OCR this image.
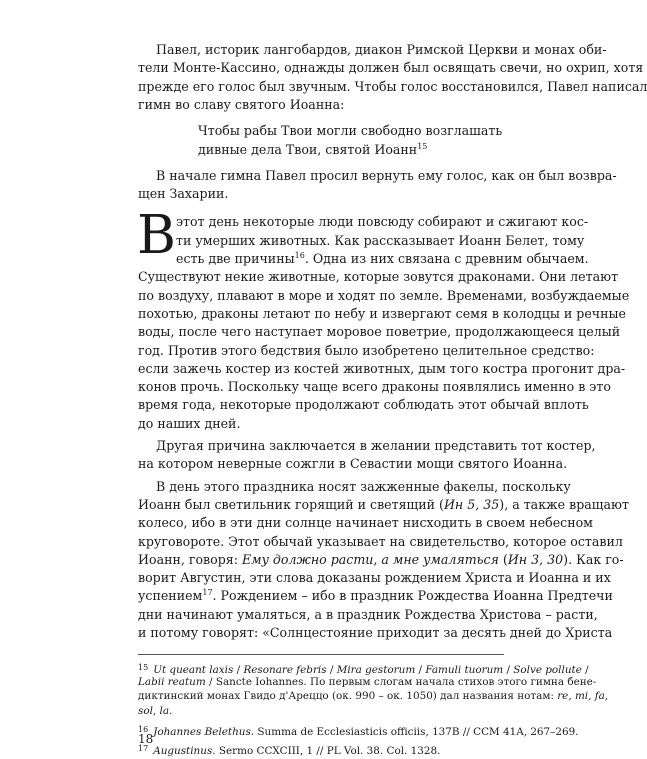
Павел, историк лангобардов, диакон Римской Церкви и монах оби-
тели Монте-Кассино, однажды должен был освящать свечи, но охрип, хотя
прежде его голос был звучным. Чтобы голос восстановился, Павел написал
гимн во славу святого Иоанна:
Чтобы рабы Твои могли свободно возглашать
дивные дела Твои, святой Иоанн$^{15}$
В начале гимна Павел просил вернуть ему голос, как он был возвра-
щен Захарии.
В этот день некоторые люди повсюду собирают и сжигают кос-
ти умерших животных. Как рассказывает Иоанн Белет, тому
есть две причины$^{16}$. Одна из них связана с древним обычаем.
Существуют некие животные, которые зовутся драконами. Они летают
по воздуху, плавают в море и ходят по земле. Временами, возбуждаемые
похотью, драконы летают по небу и извергают семя в колодцы и речные
воды, после чего наступает моровое поветрие, продолжающееся целый
год. Против этого бедствия было изобретено целительное средство:
если зажечь костер из костей животных, дым того костра прогонит дра-
конов прочь. Поскольку чаще всего драконы появлялись именно в это
время года, некоторые продолжают соблюдать этот обычай вплоть
до наших дней.
Другая причина заключается в желании представить тот костер,
на котором неверные сожгли в Севастии мощи святого Иоанна.
В день этого праздника носят зажженные факелы, поскольку
Иоанн был светильник горящий и светящий (Ин 5, 35), а также вращают
колесо, ибо в эти дни солнце начинает нисходить в своем небесном
круговороте. Этот обычай указывает на свидетельство, которое оставил
Иоанн, говоря: Ему должно расти, а мне умаляться (Ин 3, 30). Как го-
ворит Августин, эти слова доказаны рождением Христа и Иоанна и их
успением$^{17}$. Рождением – ибо в праздник Рождества Иоанна Предтечи
дни начинают умаляться, а в праздник Рождества Христова – расти,
и потому говорят: «Солнцестояние приходит за десять дней до Христа
$^{15}$ Ut queant laxis / Resonare febris / Mira gestorum / Famuli tuorum / Solve pollute /
Labii reatum / Sancte Iohannes. По первым слогам начала стихов этого гимна бене-
диктинский монах Гвидо д'Ареццо (ок. 990 – ок. 1050) дал названия нотам: re, mi, fa,
sol, la.
$^{16}$ Johannes Belethus. Summa de Ecclesiasticis officiis, 137B // CCM 41A, 267–269.
$^{17}$ Augustinus. Sermo CCXCIII, 1 // PL Vol. 38. Col. 1328.
18
